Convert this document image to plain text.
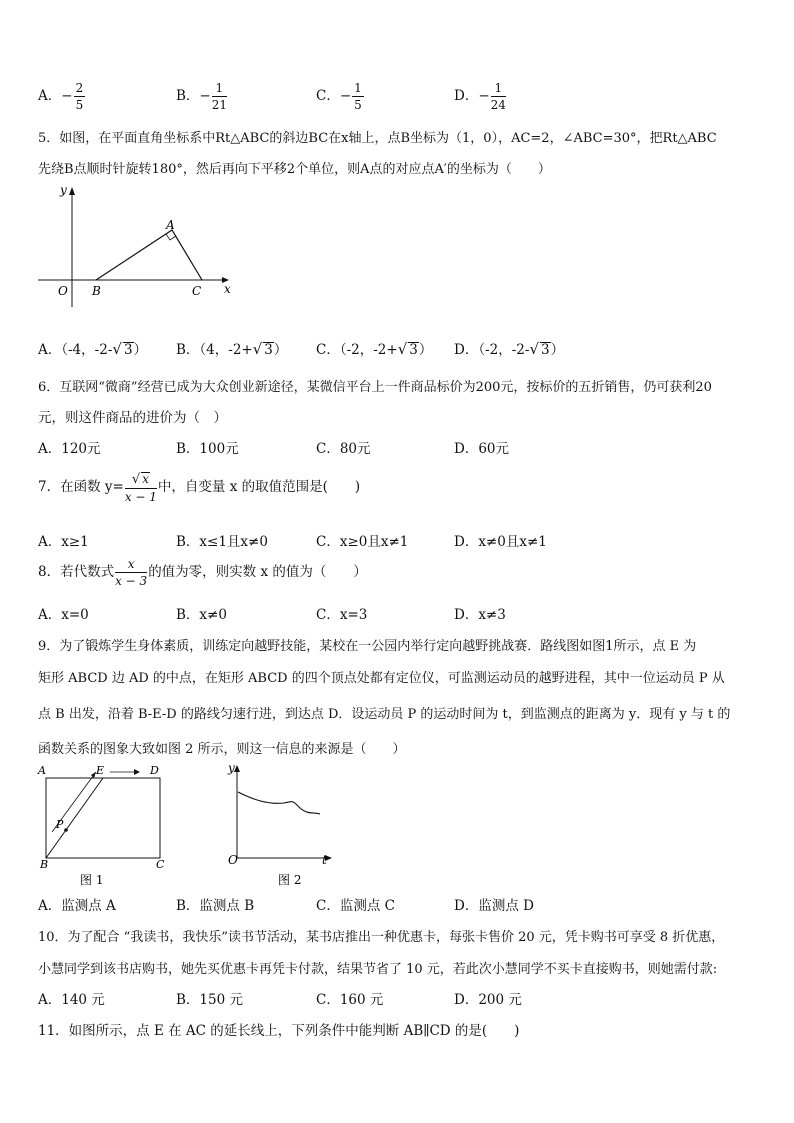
A．− $\frac{2}{5}$	B．− $\frac{1}{21}$	C．− $\frac{1}{5}$	D．− $\frac{1}{24}$
5．如图，在平面直角坐标系中Rt△ABC的斜边BC在x轴上，点B坐标为（1，0），AC=2，∠ABC=30°，把Rt△ABC
先绕B点顺时针旋转180°，然后再向下平移2个单位，则A点的对应点A′的坐标为（　　）
y
x
O B	C
A
A．（-4，-2-√ 3） B．（4，-2+√ 3） C．（-2，-2+√ 3） D．（-2，-2-√ 3）
6．互联网“微商”经营已成为大众创业新途径，某微信平台上一件商品标价为200元，按标价的五折销售，仍可获利20
元，则这件商品的进价为（　）
A．120元	B．100元	C．80元	D．60元
7．在函数 $y= \frac{√ x}{x - 1}$ 中，自变量 x 的取值范围是(　　)
A．x≥1	B．x≤1且x≠0	C．x≥0且x≠1	D．x≠0且x≠1
8．若代数式 $\frac{x}{x - 3}$ 的值为零，则实数 x 的值为（　　）
A．x=0	B．x≠0	C．x=3	D．x≠3
9．为了锻炼学生身体素质，训练定向越野技能，某校在一公园内举行定向越野挑战赛．路线图如图1所示，点 E 为
矩形 ABCD 边 AD 的中点，在矩形 ABCD 的四个顶点处都有定位仪，可监测运动员的越野进程，其中一位运动员 P 从
点 B 出发，沿着 B-E-D 的路线匀速行进，到达点 D．设运动员 P 的运动时间为 t，到监测点的距离为 y．现有 y 与 t 的
函数关系的图象大致如图 2 所示，则这一信息的来源是（　　）
A	E	D
P
B	C
图 1
y
O	t
图 2
A．监测点 A	B．监测点 B	C．监测点 C	D．监测点 D
10．为了配合 “我读书，我快乐”读书节活动，某书店推出一种优惠卡，每张卡售价 20 元，凭卡购书可享受 8 折优惠，
小慧同学到该书店购书，她先买优惠卡再凭卡付款，结果节省了 10 元，若此次小慧同学不买卡直接购书，则她需付款:
A．140 元	B．150 元	C．160 元	D．200 元
11．如图所示，点 E 在 AC 的延长线上，下列条件中能判断 AB∥CD 的是(　　)
